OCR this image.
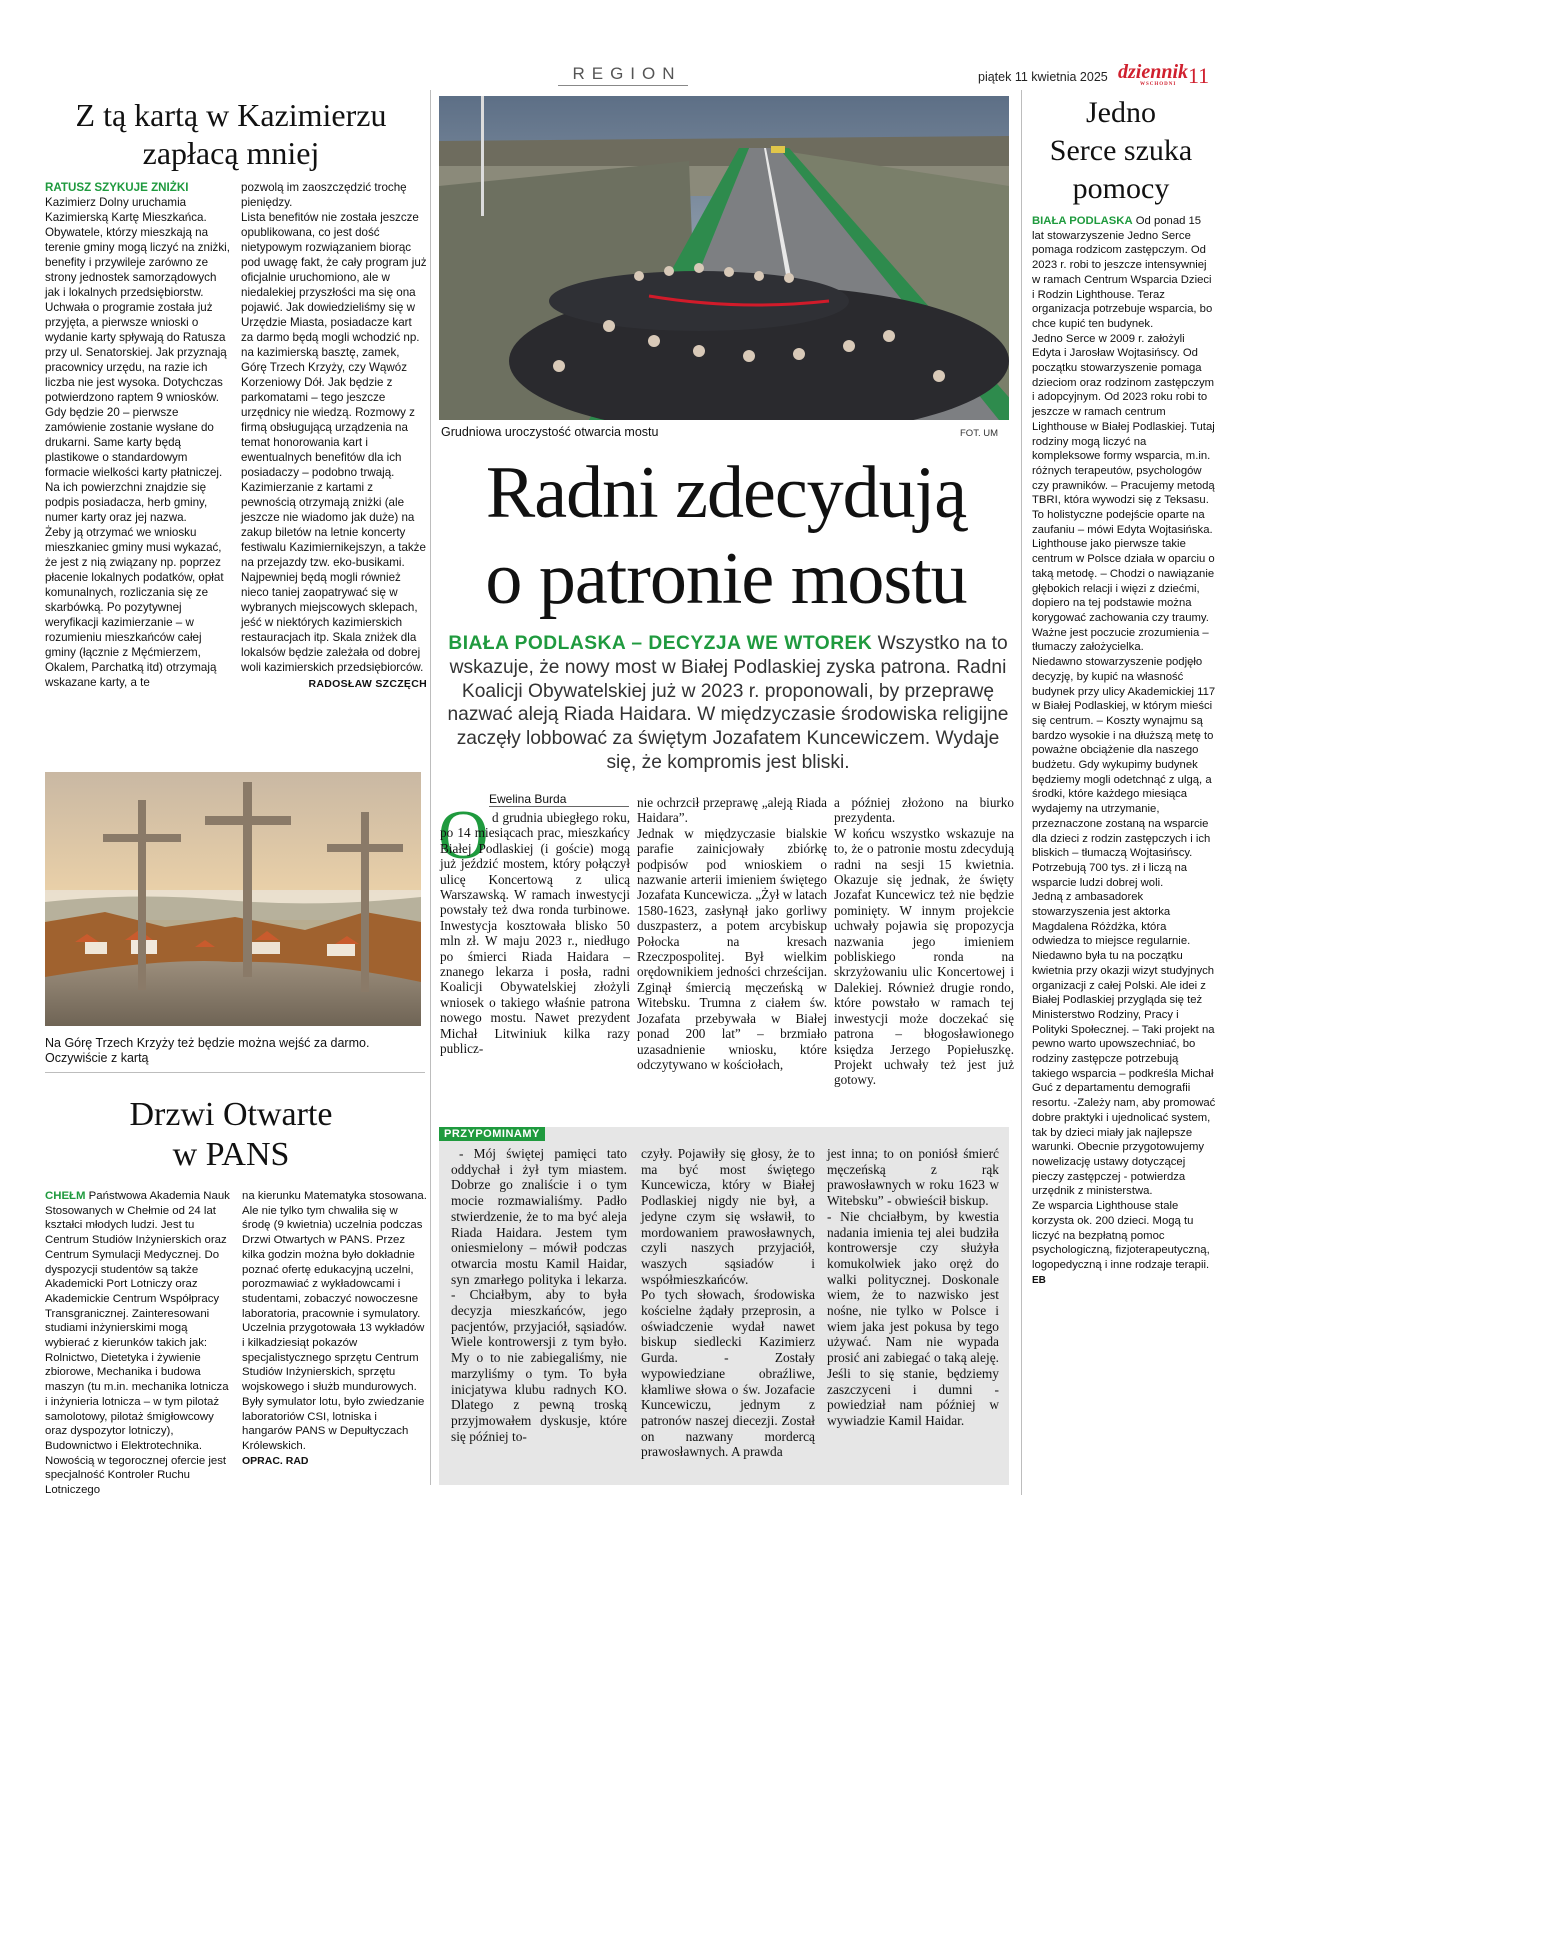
REGION	piątek 11 kwietnia 2025 dziennik
WSCHODNI 11
Z tą kartą w Kazimierzu
zapłacą mniej
RATUSZ SZYKUJE ZNIŻKI
Kazimierz Dolny uruchamia Kazimierską Kartę Mieszkańca. Obywatele, którzy mieszkają na terenie gminy mogą liczyć na zniżki, benefity i przywileje zarówno ze strony jednostek samorządowych jak i lokalnych przedsiębiorstw.
Uchwała o programie została już przyjęta, a pierwsze wnioski o wydanie karty spływają do Ratusza przy ul. Senatorskiej. Jak przyznają pracownicy urzędu, na razie ich liczba nie jest wysoka. Dotychczas potwierdzono raptem 9 wniosków. Gdy będzie 20 – pierwsze zamówienie zostanie wysłane do drukarni. Same karty będą plastikowe o standardowym formacie wielkości karty płatniczej. Na ich powierzchni znajdzie się podpis posiadacza, herb gminy, numer karty oraz jej nazwa.
Żeby ją otrzymać we wniosku mieszkaniec gminy musi wykazać, że jest z nią związany np. poprzez płacenie lokalnych podatków, opłat komunalnych, rozliczania się ze skarbówką. Po pozytywnej weryfikacji kazimierzanie – w rozumieniu mieszkańców całej gminy (łącznie z Męćmierzem, Okalem, Parchatką itd) otrzymają wskazane karty, a te
pozwolą im zaoszczędzić trochę pieniędzy.
Lista benefitów nie została jeszcze opublikowana, co jest dość nietypowym rozwiązaniem biorąc pod uwagę fakt, że cały program już oficjalnie uruchomiono, ale w niedalekiej przyszłości ma się ona pojawić. Jak dowiedzieliśmy się w Urzędzie Miasta, posiadacze kart za darmo będą mogli wchodzić np. na kazimierską basztę, zamek, Górę Trzech Krzyży, czy Wąwóz Korzeniowy Dół. Jak będzie z parkomatami – tego jeszcze urzędnicy nie wiedzą. Rozmowy z firmą obsługującą urządzenia na temat honorowania kart i ewentualnych benefitów dla ich posiadaczy – podobno trwają.
Kazimierzanie z kartami z pewnością otrzymają zniżki (ale jeszcze nie wiadomo jak duże) na zakup biletów na letnie koncerty festiwalu Kazimiernikejszyn, a także na przejazdy tzw. eko-busikami. Najpewniej będą mogli również nieco taniej zaopatrywać się w wybranych miejscowych sklepach, jeść w niektórych kazimierskich restauracjach itp. Skala zniżek dla lokalsów będzie zależała od dobrej woli kazimierskich przedsiębiorców.
RADOSŁAW SZCZĘCH
Na Górę Trzech Krzyży też będzie można wejść za darmo. Oczywiście z kartą
Drzwi Otwarte
w PANS
CHEŁM Państwowa Akademia Nauk Stosowanych w Chełmie od 24 lat kształci młodych ludzi. Jest tu Centrum Studiów Inżynierskich oraz Centrum Symulacji Medycznej. Do dyspozycji studentów są także Akademicki Port Lotniczy oraz Akademickie Centrum Współpracy Transgranicznej. Zainteresowani studiami inżynierskimi mogą wybierać z kierunków takich jak: Rolnictwo, Dietetyka i żywienie zbiorowe, Mechanika i budowa maszyn (tu m.in. mechanika lotnicza i inżynieria lotnicza – w tym pilotaż samolotowy, pilotaż śmigłowcowy oraz dyspozytor lotniczy), Budownictwo i Elektrotechnika. Nowością w tegorocznej ofercie jest specjalność Kontroler Ruchu Lotniczego
na kierunku Matematyka stosowana.
Ale nie tylko tym chwaliła się w środę (9 kwietnia) uczelnia podczas Drzwi Otwartych w PANS. Przez kilka godzin można było dokładnie poznać ofertę edukacyjną uczelni, porozmawiać z wykładowcami i studentami, zobaczyć nowoczesne laboratoria, pracownie i symulatory. Uczelnia przygotowała 13 wykładów i kilkadziesiąt pokazów specjalistycznego sprzętu Centrum Studiów Inżynierskich, sprzętu wojskowego i służb mundurowych. Były symulator lotu, było zwiedzanie laboratoriów CSI, lotniska i hangarów PANS w Depułtyczach Królewskich.
OPRAC. RAD
Grudniowa uroczystość otwarcia mostu	FOT. UM
Radni zdecydują
o patronie mostu
BIAŁA PODLASKA – DECYZJA WE WTOREK Wszystko na to wskazuje, że nowy most w Białej Podlaskiej zyska patrona. Radni Koalicji Obywatelskiej już w 2023 r. proponowali, by przeprawę nazwać aleją Riada Haidara. W międzyczasie środowiska religijne zaczęły lobbować za świętym Jozafatem Kuncewiczem. Wydaje się, że kompromis jest bliski.
Ewelina Burda
O d grudnia ubiegłego roku, po 14 miesiącach prac, mieszkańcy Białej Podlaskiej (i goście) mogą już jeździć mostem, który połączył ulicę Koncertową z ulicą Warszawską. W ramach inwestycji powstały też dwa ronda turbinowe. Inwestycja kosztowała blisko 50 mln zł. W maju 2023 r., niedługo po śmierci Riada Haidara – znanego lekarza i posła, radni Koalicji Obywatelskiej złożyli wniosek o takiego właśnie patrona nowego mostu. Nawet prezydent Michał Litwiniuk kilka razy publicz-
nie ochrzcił przeprawę „aleją Riada Haidara”.
Jednak w międzyczasie bialskie parafie zainicjowały zbiórkę podpisów pod wnioskiem o nazwanie arterii imieniem świętego Jozafata Kuncewicza. „Żył w latach 1580-1623, zasłynął jako gorliwy duszpasterz, a potem arcybiskup Połocka na kresach Rzeczpospolitej. Był wielkim orędownikiem jedności chrześcijan. Zginął śmiercią męczeńską w Witebsku. Trumna z ciałem św. Jozafata przebywała w Białej ponad 200 lat” – brzmiało uzasadnienie wniosku, które odczytywano w kościołach,
a później złożono na biurko prezydenta.
W końcu wszystko wskazuje na to, że o patronie mostu zdecydują radni na sesji 15 kwietnia. Okazuje się jednak, że święty Jozafat Kuncewicz też nie będzie pominięty. W innym projekcie uchwały pojawia się propozycja nazwania jego imieniem pobliskiego ronda na skrzyżowaniu ulic Koncertowej i Dalekiej. Również drugie rondo, które powstało w ramach tej inwestycji może doczekać się patrona – błogosławionego księdza Jerzego Popiełuszkę. Projekt uchwały też jest już gotowy.
PRZYPOMINAMY
- Mój świętej pamięci tato oddychał i żył tym miastem. Dobrze go znaliście i o tym mocie rozmawialiśmy. Padło stwierdzenie, że to ma być aleja Riada Haidara. Jestem tym oniesmielony – mówił podczas otwarcia mostu Kamil Haidar, syn zmarłego polityka i lekarza. - Chciałbym, aby to była decyzja mieszkańców, jego pacjentów, przyjaciół, sąsiadów. Wiele kontrowersji z tym było. My o to nie zabiegaliśmy, nie marzyliśmy o tym. To była inicjatywa klubu radnych KO. Dlatego z pewną troską przyjmowałem dyskusje, które się później to-
czyły. Pojawiły się głosy, że to ma być most świętego Kuncewicza, który w Białej Podlaskiej nigdy nie był, a jedyne czym się wsławił, to mordowaniem prawosławnych, czyli naszych przyjaciół, waszych sąsiadów i współmieszkańców.
Po tych słowach, środowiska kościelne żądały przeprosin, a oświadczenie wydał nawet biskup siedlecki Kazimierz Gurda. - Zostały wypowiedziane obraźliwe, kłamliwe słowa o św. Jozafacie Kuncewiczu, jednym z patronów naszej diecezji. Został on nazwany mordercą prawosławnych. A prawda
jest inna; to on poniósł śmierć męczeńską z rąk prawosławnych w roku 1623 w Witebsku” - obwieścił biskup.
- Nie chciałbym, by kwestia nadania imienia tej alei budziła kontrowersje czy służyła komukolwiek jako oręż do walki politycznej. Doskonale wiem, że to nazwisko jest nośne, nie tylko w Polsce i wiem jaka jest pokusa by tego używać. Nam nie wypada prosić ani zabiegać o taką aleję. Jeśli to się stanie, będziemy zaszczyceni i dumni - powiedział nam później w wywiadzie Kamil Haidar.
Jedno
Serce szuka
pomocy
BIAŁA PODLASKA Od ponad 15 lat stowarzyszenie Jedno Serce pomaga rodzicom zastępczym. Od 2023 r. robi to jeszcze intensywniej w ramach Centrum Wsparcia Dzieci i Rodzin Lighthouse. Teraz organizacja potrzebuje wsparcia, bo chce kupić ten budynek.
Jedno Serce w 2009 r. założyli Edyta i Jarosław Wojtasińscy. Od początku stowarzyszenie pomaga dzieciom oraz rodzinom zastępczym i adopcyjnym. Od 2023 roku robi to jeszcze w ramach centrum Lighthouse w Białej Podlaskiej. Tutaj rodziny mogą liczyć na kompleksowe formy wsparcia, m.in. różnych terapeutów, psychologów czy prawników. – Pracujemy metodą TBRI, która wywodzi się z Teksasu. To holistyczne podejście oparte na zaufaniu – mówi Edyta Wojtasińska. Lighthouse jako pierwsze takie centrum w Polsce działa w oparciu o taką metodę. – Chodzi o nawiązanie głębokich relacji i więzi z dziećmi, dopiero na tej podstawie można korygować zachowania czy traumy. Ważne jest poczucie zrozumienia – tłumaczy założycielka.
Niedawno stowarzyszenie podjęło decyzję, by kupić na własność budynek przy ulicy Akademickiej 117 w Białej Podlaskiej, w którym mieści się centrum. – Koszty wynajmu są bardzo wysokie i na dłuższą metę to poważne obciążenie dla naszego budżetu. Gdy wykupimy budynek będziemy mogli odetchnąć z ulgą, a środki, które każdego miesiąca wydajemy na utrzymanie, przeznaczone zostaną na wsparcie dla dzieci z rodzin zastępczych i ich bliskich – tłumaczą Wojtasińscy. Potrzebują 700 tys. zł i liczą na wsparcie ludzi dobrej woli.
Jedną z ambasadorek stowarzyszenia jest aktorka Magdalena Różdżka, która odwiedza to miejsce regularnie. Niedawno była tu na początku kwietnia przy okazji wizyt studyjnych organizacji z całej Polski. Ale idei z Białej Podlaskiej przygląda się też Ministerstwo Rodziny, Pracy i Polityki Społecznej. – Taki projekt na pewno warto upowszechniać, bo rodziny zastępcze potrzebują takiego wsparcia – podkreśla Michał Guć z departamentu demografii resortu. -Zależy nam, aby promować dobre praktyki i ujednolicać system, tak by dzieci miały jak najlepsze warunki. Obecnie przygotowujemy nowelizację ustawy dotyczącej pieczy zastępczej - potwierdza urzędnik z ministerstwa.
Ze wsparcia Lighthouse stale korzysta ok. 200 dzieci. Mogą tu liczyć na bezpłatną pomoc psychologiczną, fizjoterapeutyczną, logopedyczną i inne rodzaje terapii. EB
